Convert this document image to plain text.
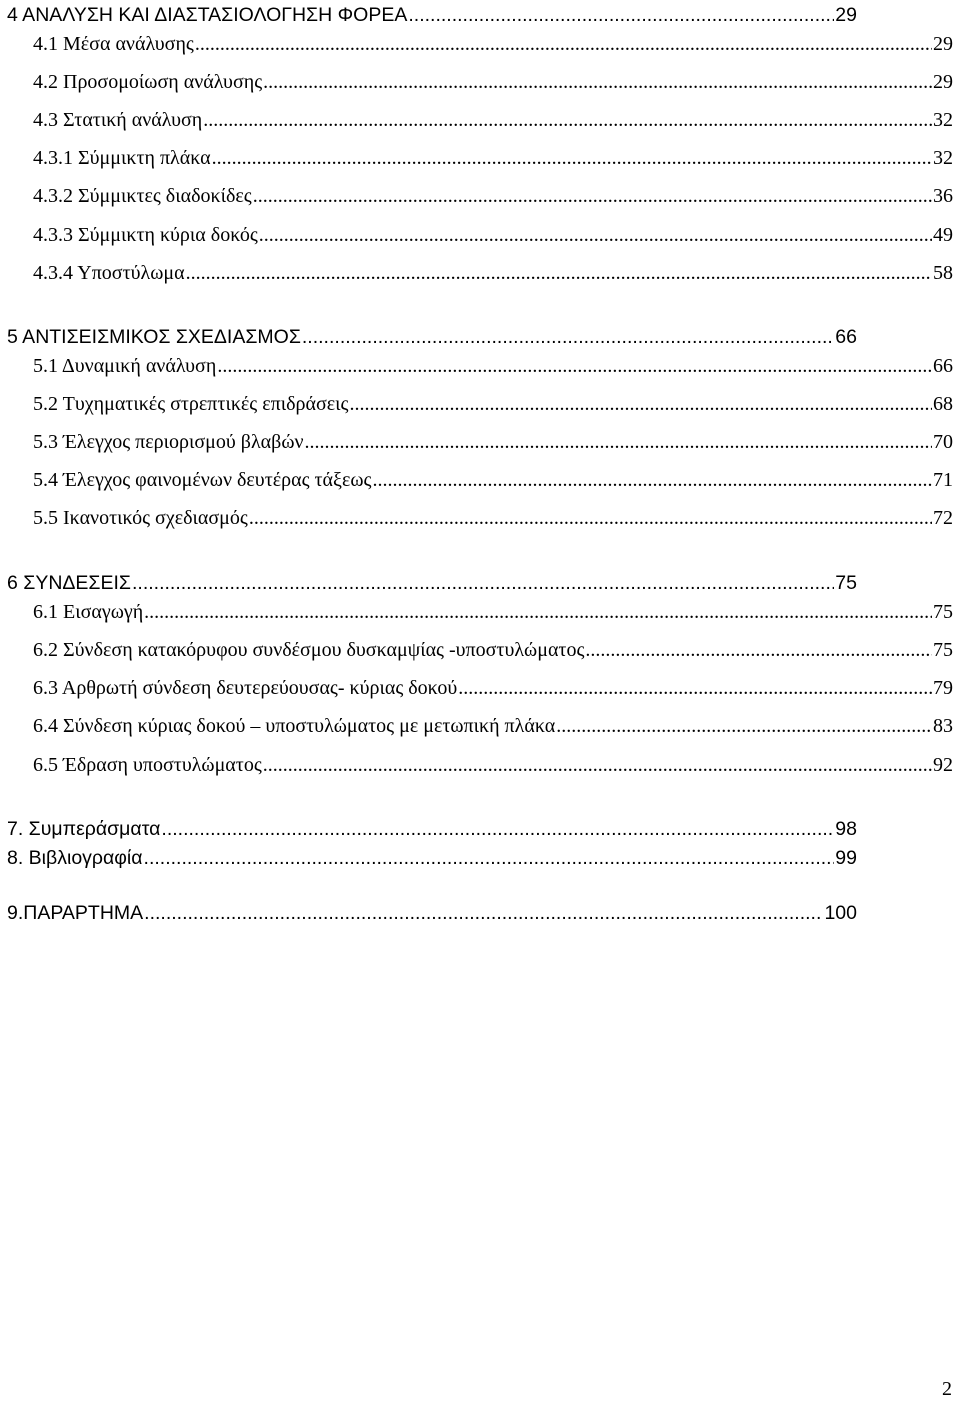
4 ΑΝΑΛΥΣΗ ΚΑΙ ΔΙΑΣΤΑΣΙΟΛΟΓΗΣΗ ΦΟΡΕΑ .....	29
4.1 Μέσα ανάλυσης .....	29
4.2 Προσομοίωση ανάλυσης .....	29
4.3 Στατική ανάλυση .....	32
4.3.1 Σύμμικτη πλάκα .....	32
4.3.2 Σύμμικτες διαδοκίδες .....	36
4.3.3 Σύμμικτη κύρια δοκός .....	49
4.3.4 Υποστύλωμα .....	58
5 ΑΝΤΙΣΕΙΣΜΙΚΟΣ ΣΧΕΔΙΑΣΜΟΣ .....	66
5.1 Δυναμική ανάλυση .....	66
5.2 Τυχηματικές στρεπτικές επιδράσεις .....	68
5.3 Έλεγχος περιορισμού βλαβών .....	70
5.4 Έλεγχος φαινομένων δευτέρας τάξεως .....	71
5.5 Ικανοτικός σχεδιασμός .....	72
6 ΣΥΝΔΕΣΕΙΣ .....	75
6.1 Εισαγωγή .....	75
6.2 Σύνδεση κατακόρυφου συνδέσμου δυσκαμψίας -υποστυλώματος .....	75
6.3 Αρθρωτή σύνδεση δευτερεύουσας- κύριας δοκού .....	79
6.4 Σύνδεση κύριας δοκού – υποστυλώματος με μετωπική πλάκα .....	83
6.5 Έδραση υποστυλώματος .....	92
7. Συμπεράσματα .....	98
8. Βιβλιογραφία .....	99
9.ΠΑΡΑΡΤΗΜΑ .....	100
2
